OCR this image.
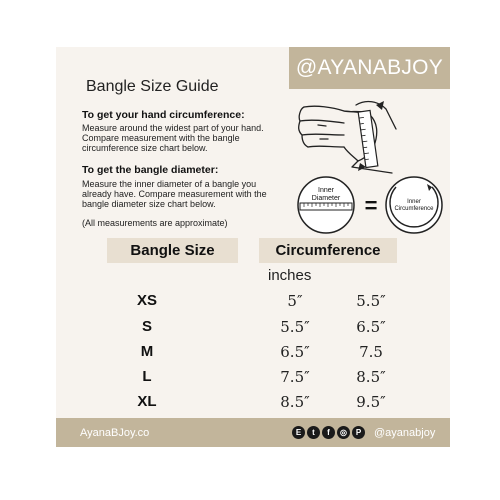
@AYANABJOY
Bangle Size Guide
To get your hand circumference:
Measure around the widest part of your hand.
Compare measurement with the bangle
circumference size chart below.
To get the bangle diameter:
Measure the inner diameter of a bangle you
already have. Compare measurement with the
bangle diameter size chart below.
(All measurements are approximate)
Inner
Diameter =	Inner
Circumference
Bangle Size	Circumference
inches
XS	5″	5.5″
S	5.5″	6.5″
M	6.5″	7.5
L	7.5″	8.5″
XL	8.5″	9.5″
AyanaBJoy.co	E	t	f	◎	P	@ayanabjoy
